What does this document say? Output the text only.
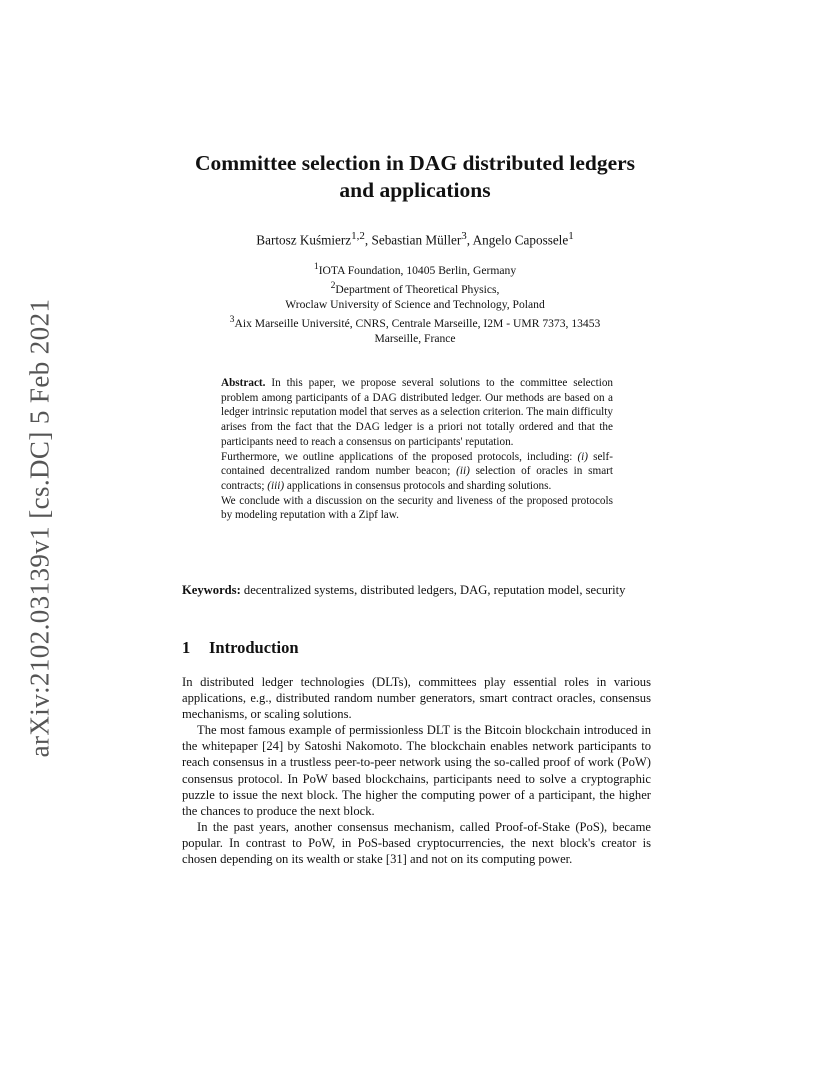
arXiv:2102.03139v1 [cs.DC] 5 Feb 2021
Committee selection in DAG distributed ledgers
and applications
Bartosz Kuśmierz$^{1,2}$, Sebastian Müller$^3$, Angelo Capossele$^1$
$^1$IOTA Foundation, 10405 Berlin, Germany
$^2$Department of Theoretical Physics,
Wroclaw University of Science and Technology, Poland
$^3$Aix Marseille Université, CNRS, Centrale Marseille, I2M - UMR 7373, 13453
Marseille, France

Abstract. In this paper, we propose several solutions to the committee selection problem among participants of a DAG distributed ledger. Our methods are based on a ledger intrinsic reputation model that serves as a selection criterion. The main difficulty arises from the fact that the DAG ledger is a priori not totally ordered and that the participants need to reach a consensus on participants' reputation.

Furthermore, we outline applications of the proposed protocols, including: (i) self-contained decentralized random number beacon; (ii) selection of oracles in smart contracts; (iii) applications in consensus protocols and sharding solutions.

We conclude with a discussion on the security and liveness of the proposed protocols by modeling reputation with a Zipf law.

Keywords: decentralized systems, distributed ledgers, DAG, reputation model, security

1 Introduction

In distributed ledger technologies (DLTs), committees play essential roles in various applications, e.g., distributed random number generators, smart contract oracles, consensus mechanisms, or scaling solutions.

The most famous example of permissionless DLT is the Bitcoin blockchain introduced in the whitepaper [24] by Satoshi Nakomoto. The blockchain enables network participants to reach consensus in a trustless peer-to-peer network using the so-called proof of work (PoW) consensus protocol. In PoW based blockchains, participants need to solve a cryptographic puzzle to issue the next block. The higher the computing power of a participant, the higher the chances to produce the next block.

In the past years, another consensus mechanism, called Proof-of-Stake (PoS), became popular. In contrast to PoW, in PoS-based cryptocurrencies, the next block's creator is chosen depending on its wealth or stake [31] and not on its computing power.
